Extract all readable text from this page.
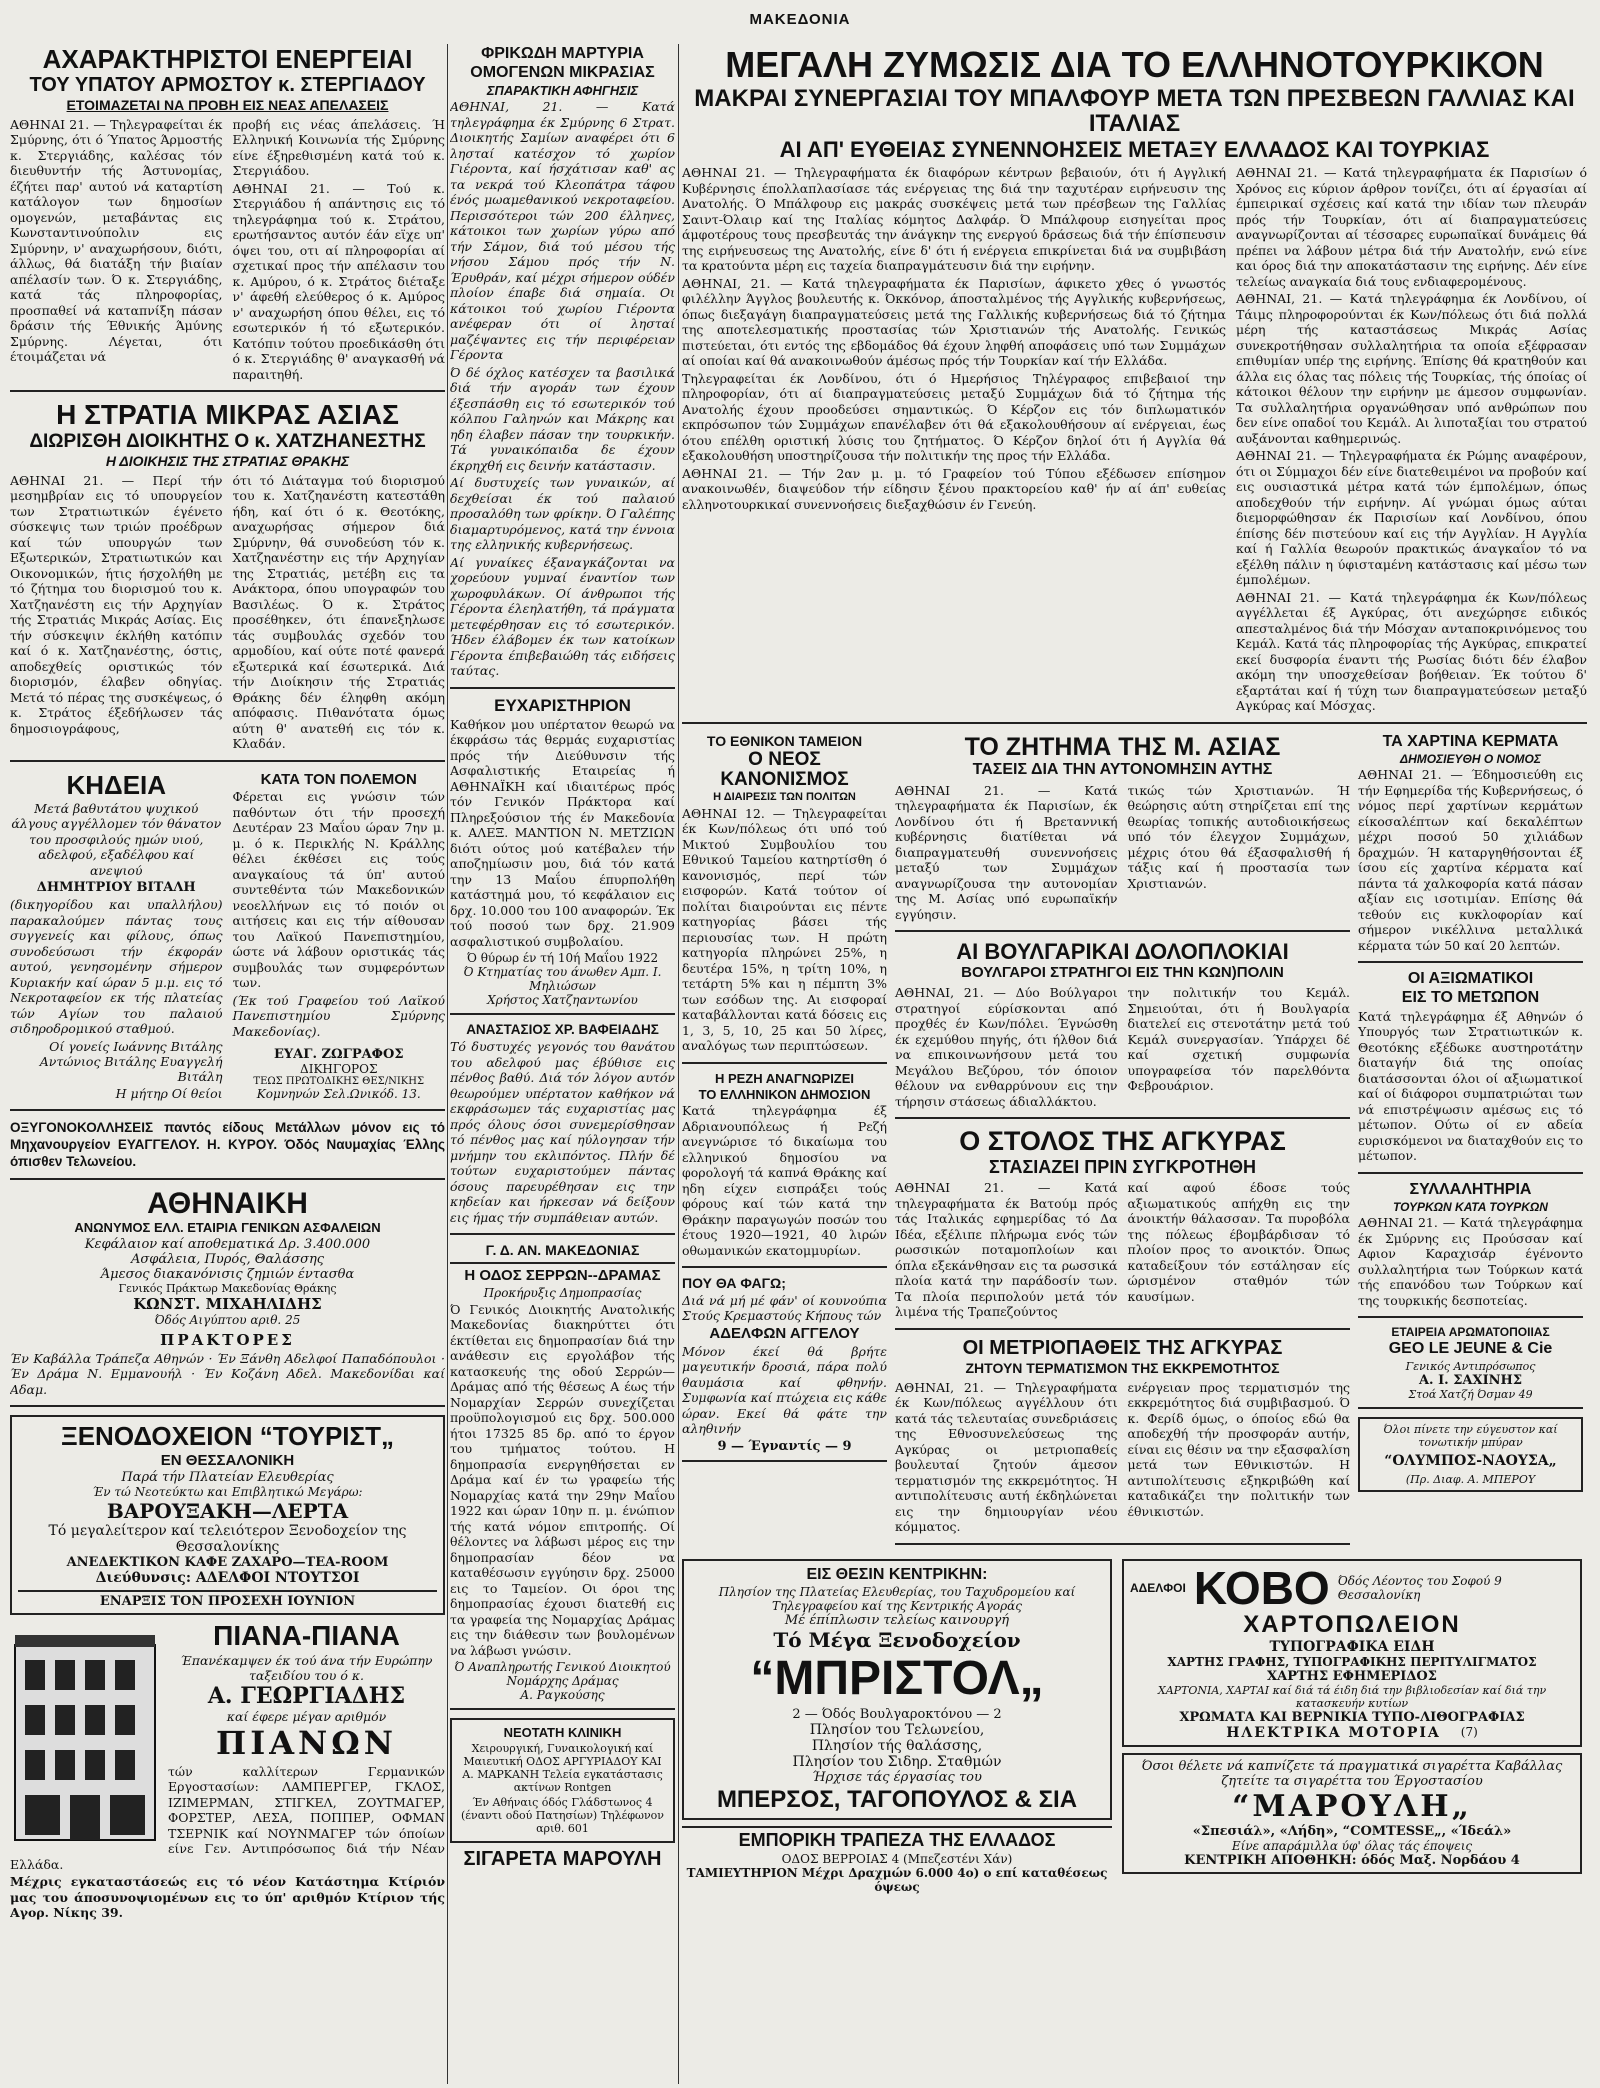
ΜΑΚΕΔΟΝΙΑ
ΑΧΑΡΑΚΤΗΡΙΣΤΟΙ ΕΝΕΡΓΕΙΑΙ
ΤΟΥ ΥΠΑΤΟΥ ΑΡΜΟΣΤΟΥ κ. ΣΤΕΡΓΙΑΔΟΥ
ΕΤΟΙΜΑΖΕΤΑΙ ΝΑ ΠΡΟΒΗ ΕΙΣ ΝΕΑΣ ΑΠΕΛΑΣΕΙΣ

ΑΘΗΝΑΙ 21. — Τηλεγραφείται έκ Σμύρνης, ότι ό Ύπατος Άρμοστής κ. Στεργιάδης, καλέσας τόν διευθυντήν τής Άστυνομίας, έζήτει παρ' αυτού νά καταρτίση κατάλογον των δημοσίων ομογενών, μεταβάντας εις Κωνσταντινούπολιν εις Σμύρνην, ν' αναχωρήσουν, διότι, άλλως, θά διατάξη τήν βιαίαν απέλασίν των. Ό κ. Στεργιάδης, κατά τάς πληροφορίας, προσπαθεί νά καταπνίξη πάσαν δράσιν τής Έθνικής Άμύνης Σμύρνης. Λέγεται, ότι έτοιμάζεται νά

προβή εις νέας άπελάσεις. Ή Ελληνική Κοινωνία τής Σμύρνης είνε έξηρεθισμένη κατά τού κ. Στεργιάδου.

ΑΘΗΝΑΙ 21. — Τού κ. Στεργιάδου ή απάντησις εις τό τηλεγράφημα τού κ. Στράτου, ερωτήσαντος αυτόν έάν εϊχε υπ' όψει του, οτι αί πληροφορίαι αί σχετικαί προς τήν απέλασιν του κ. Αμύρου, ό κ. Στράτος διέταξε ν' άφεθή ελεύθερος ό κ. Αμύρος ν' αναχωρήση όπου θέλει, εις τό εσωτερικόν ή τό εξωτερικόν. Κατόπιν τούτου προεδικάσθη ότι ό κ. Στεργιάδης θ' αναγκασθή νά παραιτηθή.

Η ΣΤΡΑΤΙΑ ΜΙΚΡΑΣ ΑΣΙΑΣ
ΔΙΩΡΙΣΘΗ ΔΙΟΙΚΗΤΗΣ Ο κ. ΧΑΤΖΗΑΝΕΣΤΗΣ
Η ΔΙΟΙΚΗΣΙΣ ΤΗΣ ΣΤΡΑΤΙΑΣ ΘΡΑΚΗΣ

ΑΘΗΝΑΙ 21. — Περί τήν μεσημβρίαν εις τό υπουργείον των Στρατιωτικών έγένετο σύσκεψις των τριών προέδρων καί τών υπουργών των Εξωτερικών, Στρατιωτικών και Οικονομικών, ήτις ήσχολήθη με τό ζήτημα του διορισμού του κ. Χατζηανέστη εις τήν Αρχηγίαν τής Στρατιάς Μικράς Ασίας. Εις τήν σύσκεψιν έκλήθη κατόπιν καί ό κ. Χατζηανέστης, όστις, αποδεχθείς οριστικώς τόν διορισμόν, έλαβεν οδηγίας. Μετά τό πέρας της συσκέψεως, ό κ. Στράτος έξεδήλωσεν τάς δημοσιογράφους,

ότι τό Διάταγμα τού διορισμού του κ. Χατζηανέστη κατεστάθη ήδη, καί ότι ό κ. Θεοτόκης, αναχωρήσας σήμερον διά Σμύρνην, θά συνοδεύση τόν κ. Χατζηανέστην εις τήν Αρχηγίαν της Στρατιάς, μετέβη εις τα Ανάκτορα, όπου υπογραφών του Βασιλέως. Ό κ. Στράτος προσέθηκεν, ότι έπανεξηλωσε τάς συμβουλάς σχεδόν του αρμοδίου, καί ούτε ποτέ φανερά εξωτερικά καί έσωτερικά. Διά τήν Διοίκησιν τής Στρατιάς Θράκης δέν έληφθη ακόμη απόφασις. Πιθανότατα όμως αύτη θ' ανατεθή εις τόν κ. Κλαδάν.

ΚΗΔΕΙΑ

Μετά βαθυτάτου ψυχικού άλγους αγγέλλομεν τόν θάνατον του προσφιλούς ημών υιού, αδελφού, εξαδέλφου καί ανεψιού

ΔΗΜΗΤΡΙΟΥ ΒΙΤΑΛΗ

(δικηγορίδου και υπαλλήλου) παρακαλούμεν πάντας τους συγγενείς και φίλους, όπως συνοδεύσωσι τήν έκφοράν αυτού, γενησομένην σήμερον Κυριακήν καί ώραν 5 μ.μ. εις τό Νεκροταφείον εκ τής πλατείας τών Αγίων του παλαιού σιδηροδρομικού σταθμού.

Οί γονείς Ιωάννης Βιτάλης Αντώνιος Βιτάλης Ευαγγελή Βιτάλη
Η μήτηρ Οί θείοι
ΚΑΤΑ ΤΟΝ ΠΟΛΕΜΟΝ

Φέρεται εις γνώσιν τών παθόντων ότι τήν προσεχή Δευτέραν 23 Μαΐου ώραν 7ην μ. μ. ό κ. Περικλής Ν. Κράλλης θέλει έκθέσει εις τούς αναγκαίους τά ύπ' αυτού συντεθέντα τών Μακεδονικών νεοελλήνων εις τό ποιόν οι αιτήσεις και εις τήν αίθουσαν του Λαϊκού Πανεπιστημίου, ώστε νά λάβουν οριστικάς τάς συμβουλάς των συμφερόντων των.

(Έκ τού Γραφείου τού Λαϊκού Πανεπιστημίου Σμύρνης Μακεδονίας).

ΕΥΑΓ. ΖΩΓΡΑΦΟΣ
ΔΙΚΗΓΟΡΟΣ
ΤΕΩΣ ΠΡΩΤΟΔΙΚΗΣ ΘΕΣ/ΝΙΚΗΣ
Κομνηνών Σελ.Ωνικόδ. 13.

ΟΞΥΓΟΝΟΚΟΛΛΗΣΕΙΣ παντός είδους Μετάλλων μόνον εις τό Μηχανουργείον ΕΥΑΓΓΕΛΟΥ. Η. ΚΥΡΟΥ. Όδός Ναυμαχίας Έλλης όπισθεν Τελωνείου.

ΑΘΗΝΑΙΚΗ
ΑΝΩΝΥΜΟΣ ΕΛΛ. ΕΤΑΙΡΙΑ ΓΕΝΙΚΩΝ ΑΣΦΑΛΕΙΩΝ
Κεφάλαιον καί αποθεματικά Δρ. 3.400.000
Ασφάλεια, Πυρός, Θαλάσσης
Άμεσος διακανόνισις ζημιών έντασθα
Γενικός Πράκτωρ Μακεδονίας Θράκης
ΚΩΝΣΤ. ΜΙΧΑΗΛΙΔΗΣ
Όδός Αιγύπτου αριθ. 25
ΠΡΑΚΤΟΡΕΣ

Έν Καβάλλα Τράπεζα Αθηνών · Έν Ξάνθη Αδελφοί Παπαδόπουλοι · Έν Δράμα Ν. Εμμανουήλ · Έν Κοζάνη Αδελ. Μακεδονίδαι καί Αδαμ.

ΞΕΝΟΔΟΧΕΙΟΝ “ΤΟΥΡΙΣΤ„
ΕΝ ΘΕΣΣΑΛΟΝΙΚΗ
Παρά τήν Πλατείαν Ελευθερίας
Έν τώ Νεοτεύκτω και Επιβλητικώ Μεγάρω:
ΒΑΡΟΥΞΑΚΗ—ΛΕΡΤΑ
Τό μεγαλείτερον καί τελειότερον Ξενοδοχείον της Θεσσαλονίκης
ΑΝΕΔΕΚΤΙΚΟΝ ΚΑΦΕ ΖΑΧΑΡΟ—ΤΕΑ-ROOM
Διεύθυνσις: ΑΔΕΛΦΟΙ ΝΤΟΥΤΣΟΙ
ΕΝΑΡΞΙΣ ΤΟΝ ΠΡΟΣΕΧΗ ΙΟΥΝΙΟΝ
ΠΙΑΝΑ-ΠΙΑΝΑ
Έπανέκαμψεν έκ τού άνα τήν Ευρώπην ταξειδίου του ό κ.
Α. ΓΕΩΡΓΙΑΔΗΣ
καί έφερε μέγαν αριθμόν
ΠΙΑΝΩΝ

τών καλλίτερων Γερμανικών Εργοστασίων: ΛΑΜΠΕΡΓΕΡ, ΓΚΛΟΣ, ΙΖΙΜΕΡΜΑΝ, ΣΤΙΓΚΕΛ, ΖΟΥΤΜΑΓΕΡ, ΦΟΡΣΤΕΡ, ΛΕΣΑ, ΠΟΠΠΕΡ, ΟΦΜΑΝ ΤΣΕΡΝΙΚ καί ΝΟΥΝΜΑΓΕΡ τών όποίων είνε Γεν. Αντιπρόσωπος διά τήν Νέαν Ελλάδα.

Μέχρις εγκαταστάσεώς εις τό νέον Κατάστημα Κτίριόν μας του άποσυνοψιομένων εις το ύπ' αριθμόν Κτίριον τής Αγορ. Νίκης 39.

ΦΡΙΚΩΔΗ ΜΑΡΤΥΡΙΑ
ΟΜΟΓΕΝΩΝ ΜΙΚΡΑΣΙΑΣ
ΣΠΑΡΑΚΤΙΚΗ ΑΦΗΓΗΣΙΣ

ΑΘΗΝΑΙ, 21. — Κατά τηλεγράφημα έκ Σμύρνης 6 Στρατ. Διοικητής Σαμίων αναφέρει ότι 6 λησταί κατέσχον τό χωρίον Γιέροντα, καί ήσχάτισαν καθ' ας τα νεκρά τού Κλεοπάτρα τάφου ένός μωαμεθανικού νεκροταφείου. Περισσότεροι τών 200 έλληνες, κάτοικοι των χωρίων γύρω από τήν Σάμον, διά τού μέσου τής νήσου Σάμου πρός τήν Ν. Έρυθράν, καί μέχρι σήμερον ούδέν πλοίον έπαβε διά σημαία. Οι κάτοικοι τού χωρίου Γιέροντα ανέφεραν ότι οί λησταί μαζέψαντες εις τήν περιφέρειαν Γέροντα

Ό δέ όχλος κατέσχεν τα βασιλικά διά τήν αγοράν των έχουν έξεσπάσθη εις τό εσωτερικόν τού κόλπου Γαληνών και Μάκρης και ηδη έλαβεν πάσαν την τουρκικήν. Τά γυναικόπαιδα δε έχουν έκρηχθή εις δεινήν κατάστασιν.

Αί δυστυχείς των γυναικών, αί δεχθείσαι έκ τού παλαιού προσαλόθη των φρίκην. Ό Γαλέπης διαμαρτυρόμενος, κατά την έννοια της ελληνικής κυβερνήσεως.

Αί γυναίκες έξαναγκάζονται να χορεύουν γυμναί έναντίον των χωροφυλάκων. Οί άνθρωποι τής Γέροντα έλεηλατήθη, τά πράγματα μετεφέρθησαν εις τό εσωτερικόν. Ήδεν έλάβομεν έκ των κατοίκων Γέροντα έπιβεβαιώθη τάς ειδήσεις ταύτας.

ΕΥΧΑΡΙΣΤΗΡΙΟΝ

Καθήκον μου υπέρτατον θεωρώ να έκφράσω τάς θερμάς ευχαριστίας πρός τήν Διεύθυνσιν τής Ασφαλιστικής Εταιρείας ή ΑΘΗΝΑΪΚΗ καί ιδιαιτέρως πρός τόν Γενικόν Πράκτορα καί Πληρεξούσιον τής έν Μακεδονία κ. ΑΛΕΞ. ΜΑΝΤΙΟΝ Ν. ΜΕΤΖΙΩΝ διότι ούτος μού κατέβαλεν τήν αποζημίωσιν μου, διά τόν κατά την 13 Μαΐου έπυρπολήθη κατάστημά μου, τό κεφάλαιον εις δρχ. 10.000 του 100 αναφορών. Έκ τού ποσού των δρχ. 21.909 ασφαλιστικού συμβολαίου.

Ό θύρωρ έν τή 10ή Μαΐου 1922
Ό Κτηματίας του άνωθεν Αμπ. Ι. Μηλιώσων
Χρήστος Χατζηαντωνίου
ΑΝΑΣΤΑΣΙΟΣ ΧΡ. ΒΑΦΕΙΑΔΗΣ

Τό δυστυχές γεγονός του θανάτου του αδελφού μας έβύθισε εις πένθος βαθύ. Διά τόν λόγον αυτόν θεωρούμεν υπέρτατον καθήκον νά εκφράσωμεν τάς ευχαριστίας μας πρός όλους όσοι συνεμερίσθησαν τό πένθος μας καί ηύλογησαν τήν μνήμην του εκλιπόντος. Πλήν δέ τούτων ευχαριστούμεν πάντας όσους παρευρέθησαν εις την κηδείαν και ήρκεσαν νά δείξουν εις ήμας τήν συμπάθειαν αυτών.

Γ. Δ. ΑΝ. ΜΑΚΕΔΟΝΙΑΣ
Η ΟΔΟΣ ΣΕΡΡΩΝ--ΔΡΑΜΑΣ
Προκήρυξις Δημοπρασίας

Ό Γενικός Διοικητής Ανατολικής Μακεδονίας διακηρύττει ότι έκτίθεται εις δημοπρασίαν διά την ανάθεσιν εις εργολάβον τής κατασκευής της οδού Σερρών—Δράμας από τής θέσεως Α έως τήν Νομαρχίαν Σερρών συνεχίζεται προϋπολογισμού εις δρχ. 500.000 ήτοι 17325 85 δρ. από το έργον του τμήματος τούτου. Η δημοπρασία ενεργηθήσεται εν Δράμα καί έν τω γραφείω τής Νομαρχίας κατά την 29ην Μαΐου 1922 και ώραν 10ην π. μ. ένώπιον τής κατά νόμον επιτροπής. Οί θέλοντες να λάβωσι μέρος εις την δημοπρασίαν δέον να καταθέσωσιν εγγύησιν δρχ. 25000 εις το Ταμείον. Οι όροι της δημοπρασίας έχουσι διατεθή εις τα γραφεία της Νομαρχίας Δράμας εις την διάθεσιν των βουλομένων να λάβωσι γνώσιν.

Ό Αναπληρωτής Γενικού Διοικητού Νομάρχης Δράμας
Α. Ραγκούσης
ΝΕΟΤΑΤΗ ΚΛΙΝΙΚΗ

Χειρουργική, Γυναικολογική καί Μαιευτική ΟΔΟΣ ΑΡΓΥΡΙΑΔΟΥ ΚΑΙ Α. ΜΑΡΚΑΝΗ Τελεία εγκατάστασις ακτίνων Rontgen

Έν Αθήναις όδός Γλάδστωνος 4 (έναντι οδού Πατησίων) Τηλέφωνον αριθ. 601

ΣΙΓΑΡΕΤΑ ΜΑΡΟΥΛΗ
ΜΕΓΑΛΗ ΖΥΜΩΣΙΣ ΔΙΑ ΤΟ ΕΛΛΗΝΟΤΟΥΡΚΙΚΟΝ
ΜΑΚΡΑΙ ΣΥΝΕΡΓΑΣΙΑΙ ΤΟΥ ΜΠΑΛΦΟΥΡ ΜΕΤΑ ΤΩΝ ΠΡΕΣΒΕΩΝ ΓΑΛΛΙΑΣ ΚΑΙ ΙΤΑΛΙΑΣ
ΑΙ ΑΠ' ΕΥΘΕΙΑΣ ΣΥΝΕΝΝΟΗΣΕΙΣ ΜΕΤΑΞΥ ΕΛΛΑΔΟΣ ΚΑΙ ΤΟΥΡΚΙΑΣ

ΑΘΗΝΑΙ 21. — Τηλεγραφήματα έκ διαφόρων κέντρων βεβαιούν, ότι ή Αγγλική Κυβέρνησις έπολλαπλασίασε τάς ενέργειας της διά την ταχυτέραν ειρήνευσιν της Ανατολής. Ό Μπάλφουρ εις μακράς συσκέψεις μετά των πρέσβεων της Γαλλίας Σαιντ-Όλαιρ καί της Ιταλίας κόμητος Δαλφάρ. Ό Μπάλφουρ εισηγείται προς άμφοτέρους τους πρεσβευτάς την άνάγκην της ενεργού δράσεως διά τήν έπίσπευσιν της ειρήνευσεως της Ανατολής, είνε δ' ότι ή ενέργεια επικρίνεται διά να συμβιβάση τα κρατούντα μέρη εις ταχεία διαπραγμάτευσιν διά την ειρήνην.

ΑΘΗΝΑΙ, 21. — Κατά τηλεγραφήματα έκ Παρισίων, άφικετο χθες ό γνωστός φιλέλλην Άγγλος βουλευτής κ. Όκκόνορ, άποσταλμένος τής Αγγλικής κυβερνήσεως, όπως διεξαγάγη διαπραγματεύσεις μετά της Γαλλικής κυβερνήσεως διά τό ζήτημα της αποτελεσματικής προστασίας τών Χριστιανών τής Ανατολής. Γενικώς πιστεύεται, ότι εντός της εβδομάδος θά έχουν ληφθή αποφάσεις υπό των Συμμάχων αί οποίαι καί θά ανακοινωθούν άμέσως πρός τήν Τουρκίαν καί τήν Ελλάδα.

Τηλεγραφείται έκ Λονδίνου, ότι ό Ημερήσιος Τηλέγραφος επιβεβαιοί την πληροφορίαν, ότι αί διαπραγματεύσεις μεταξύ Συμμάχων διά τό ζήτημα τής Ανατολής έχουν προοδεύσει σημαντικώς. Ό Κέρζον εις τόν διπλωματικόν εκπρόσωπον τών Συμμάχων επανέλαβεν ότι θά εξακολουθήσουν αί ενέργειαι, έως ότου επέλθη οριστική λύσις του ζητήματος. Ό Κέρζον δηλοί ότι ή Αγγλία θά εξακολουθήση υποστηρίζουσα τήν πολιτικήν της προς τήν Ελλάδα.

ΑΘΗΝΑΙ 21. — Τήν 2αν μ. μ. τό Γραφείον τού Τύπου εξέδωσεν επίσημον ανακοινωθέν, διαψεύδον τήν είδησιν ξένου πρακτορείου καθ' ήν αί άπ' ευθείας ελληνοτουρκικαί συνεννοήσεις διεξαχθώσιν έν Γενεύη.

ΑΘΗΝΑΙ 21. — Κατά τηλεγραφήματα έκ Παρισίων ό Χρόνος εις κύριον άρθρον τονίζει, ότι αί έργασίαι αί έμπειρικαί σχέσεις καί κατά την ιδίαν των πλευράν πρός τήν Τουρκίαν, ότι αί διαπραγματεύσεις αναγνωρίζονται αί τέσσαρες ευρωπαϊκαί δυνάμεις θά πρέπει να λάβουν μέτρα διά τήν Ανατολήν, ενώ είνε και όρος διά την αποκατάστασιν της ειρήνης. Δέν είνε τελείως αναγκαία διά τους ενδιαφερομένους.

ΑΘΗΝΑΙ, 21. — Κατά τηλεγράφημα έκ Λονδίνου, οί Τάιμς πληροφορούνται έκ Κων/πόλεως ότι διά πολλά μέρη τής καταστάσεως Μικράς Ασίας συνεκροτήθησαν συλλαλητήρια τα οποία εξέφρασαν επιθυμίαν υπέρ της ειρήνης. Έπίσης θά κρατηθούν και άλλα εις όλας τας πόλεις τής Τουρκίας, τής όποίας οί κάτοικοι θέλουν την ειρήνην με άμεσον συμφωνίαν. Τα συλλαλητήρια οργανώθησαν υπό ανθρώπων που δεν είνε οπαδοί του Κεμάλ. Αι λιποταξίαι του στρατού αυξάνονται καθημερινώς.

ΑΘΗΝΑΙ 21. — Τηλεγραφήματα έκ Ρώμης αναφέρουν, ότι οι Σύμμαχοι δέν είνε διατεθειμένοι να προβούν καί εις ουσιαστικά μέτρα κατά τών έμπολέμων, όπως αποδεχθούν τήν ειρήνην. Αί γνώμαι όμως αύται διεμορφώθησαν έκ Παρισίων καί Λονδίνου, όπου έπίσης δέν πιστεύουν καί εις τήν Αγγλίαν. Η Αγγλία καί ή Γαλλία θεωρούν πρακτικώς άναγκαΐον τό να εξέλθη πάλιν η ύφισταμένη κατάστασις καί μέσω των έμπολέμων.

ΑΘΗΝΑΙ 21. — Κατά τηλεγράφημα έκ Κων/πόλεως αγγέλλεται έξ Αγκύρας, ότι ανεχώρησε ειδικός απεσταλμένος διά τήν Μόσχαν ανταποκρινόμενος του Κεμάλ. Κατά τάς πληροφορίας τής Αγκύρας, επικρατεί εκεί δυσφορία έναντι τής Ρωσίας διότι δέν έλαβον ακόμη την υποσχεθείσαν βοήθειαν. Έκ τούτου δ' εξαρτάται καί ή τύχη των διαπραγματεύσεων μεταξύ Αγκύρας καί Μόσχας.

ΤΟ ΕΘΝΙΚΟΝ ΤΑΜΕΙΟΝ
Ο ΝΕΟΣ ΚΑΝΟΝΙΣΜΟΣ
Η ΔΙΑΙΡΕΣΙΣ ΤΩΝ ΠΟΛΙΤΩΝ

ΑΘΗΝΑΙ 12. — Τηλεγραφείται έκ Κων/πόλεως ότι υπό τού Μικτού Συμβουλίου του Εθνικού Ταμείου κατηρτίσθη ό κανονισμός, περί τών εισφορών. Κατά τούτον οί πολίται διαιρούνται εις πέντε κατηγορίας βάσει τής περιουσίας των. Η πρώτη κατηγορία πληρώνει 25%, η δευτέρα 15%, η τρίτη 10%, η τετάρτη 5% και η πέμπτη 3% των εσόδων της. Αι εισφοραί καταβάλλονται κατά δόσεις εις 1, 3, 5, 10, 25 και 50 λίρες, αναλόγως των περιπτώσεων.

Η ΡΕΖΗ ΑΝΑΓΝΩΡΙΖΕΙ
ΤΟ ΕΛΛΗΝΙΚΟΝ ΔΗΜΟΣΙΟΝ

Κατά τηλεγράφημα έξ Αδριανουπόλεως ή Ρεζή ανεγνώρισε τό δικαίωμα του ελληνικού δημοσίου να φορολογή τά καπνά Θράκης καί ηδη είχεν εισπράξει τούς φόρους καί τών κατά την Θράκην παραγωγών ποσών του έτους 1920—1921, 40 λιρών οθωμανικών εκατομμυρίων.

ΠΟΥ ΘΑ ΦΑΓΩ;

Διά νά μή μέ φάν' οί κουνούπια Στούς Κρεμαστούς Κήπους τών

ΑΔΕΛΦΩΝ ΑΓΓΕΛΟΥ

Μόνον έκεί θά βρήτε μαγευτικήν δροσιά, πάρα πολύ θαυμάσια καί φθηνήν. Συμφωνία καί πτώχεια εις κάθε ώραν. Εκεί θά φάτε την αληθινήν

9 — Έγναντίς — 9
ΤΟ ΖΗΤΗΜΑ ΤΗΣ Μ. ΑΣΙΑΣ
ΤΑΣΕΙΣ ΔΙΑ ΤΗΝ ΑΥΤΟΝΟΜΗΣΙΝ ΑΥΤΗΣ

ΑΘΗΝΑΙ 21. — Κατά τηλεγραφήματα έκ Παρισίων, έκ Λονδίνου ότι ή Βρεταννική κυβέρνησις διατίθεται νά διαπραγματευθή συνεννοήσεις μεταξύ των Συμμάχων αναγνωρίζουσα την αυτονομίαν της Μ. Ασίας υπό ευρωπαϊκήν εγγύησιν.

τικώς τών Χριστιανών. Ή θεώρησις αύτη στηρίζεται επί της θεωρίας τοπικής αυτοδιοικήσεως υπό τόν έλεγχον Συμμάχων, μέχρις ότου θά έξασφαλισθή ή τάξις καί ή προστασία των Χριστιανών.

ΑΙ ΒΟΥΛΓΑΡΙΚΑΙ ΔΟΛΟΠΛΟΚΙΑΙ
ΒΟΥΛΓΑΡΟΙ ΣΤΡΑΤΗΓΟΙ ΕΙΣ ΤΗΝ ΚΩΝ)ΠΟΛΙΝ

ΑΘΗΝΑΙ, 21. — Δύο Βούλγαροι στρατηγοί εύρίσκονται από προχθές έν Κων/πόλει. Έγνώσθη έκ εχεμύθου πηγής, ότι ήλθον διά να επικοινωνήσουν μετά του Μεγάλου Βεζύρου, τόν όποιον θέλουν να ενθαρρύνουν εις την τήρησιν στάσεως άδιαλλάκτου.

την πολιτικήν του Κεμάλ. Σημειούται, ότι ή Βουλγαρία διατελεί εις στενοτάτην μετά τού Κεμάλ συνεργασίαν. Ύπάρχει δέ καί σχετική συμφωνία υπογραφείσα τόν παρελθόντα Φεβρουάριον.

Ο ΣΤΟΛΟΣ ΤΗΣ ΑΓΚΥΡΑΣ
ΣΤΑΣΙΑΖΕΙ ΠΡΙΝ ΣΥΓΚΡΟΤΗΘΗ

ΑΘΗΝΑΙ 21. — Κατά τηλεγραφήματα έκ Βατούμ πρός τάς Ιταλικάς εφημερίδας τό Δα Ιδέα, εξέλιπε πλήρωμα ενός τών ρωσσικών ποταμοπλοίων και όπλα εξεκάνθησαν εις τα ρωσσικά πλοία κατά την παράδοσίν των. Τα πλοία περιπολούν μετά τόν λιμένα τής Τραπεζούντος

καί αφού έδοσε τούς αξιωματικούς απήχθη εις την άνοικτήν θάλασσαν. Τα πυροβόλα της πόλεως έβομβάρδισαν τό πλοίον προς το ανοικτόν. Όπως καταδείξουν τόν εστάλησαν είς ώρισμένον σταθμόν τών καυσίμων.

ΟΙ ΜΕΤΡΙΟΠΑΘΕΙΣ ΤΗΣ ΑΓΚΥΡΑΣ
ΖΗΤΟΥΝ ΤΕΡΜΑΤΙΣΜΟΝ ΤΗΣ ΕΚΚΡΕΜΟΤΗΤΟΣ

ΑΘΗΝΑΙ, 21. — Τηλεγραφήματα έκ Κων/πόλεως αγγέλλουν ότι κατά τάς τελευταίας συνεδριάσεις της Εθνοσυνελεύσεως της Αγκύρας οι μετριοπαθείς βουλευταί ζητούν άμεσον τερματισμόν της εκκρεμότητος. Ή αντιπολίτευσις αυτή έκδηλώνεται εις την δημιουργίαν νέου κόμματος.

ενέργειαν προς τερματισμόν της εκκρεμότητος διά συμβιβασμού. Ό κ. Φερίδ όμως, ο όποίος εδώ θα αποδεχθή τήν προσφοράν αυτήν, είναι εις θέσιν να την εξασφαλίση μετά των Εθνικιστών. Η αντιπολίτευσις εξηκριβώθη καί καταδικάζει την πολιτικήν των έθνικιστών.

ΤΑ ΧΑΡΤΙΝΑ ΚΕΡΜΑΤΑ
ΔΗΜΟΣΙΕΥΘΗ Ο ΝΟΜΟΣ

ΑΘΗΝΑΙ 21. — Έδημοσιεύθη εις τήν Εφημερίδα τής Κυβερνήσεως, ό νόμος περί χαρτίνων κερμάτων είκοσαλέπτων καί δεκαλέπτων μέχρι ποσού 50 χιλιάδων δραχμών. Ή καταργηθήσονται έξ ίσου είς χαρτίνα κέρματα καί πάντα τά χαλκοφορία κατά πάσαν αξίαν εις ισοτιμίαν. Επίσης θά τεθούν εις κυκλοφορίαν καί σήμερον νικέλλινα μεταλλικά κέρματα τών 50 καί 20 λεπτών.

ΟΙ ΑΞΙΩΜΑΤΙΚΟΙ
ΕΙΣ ΤΟ ΜΕΤΩΠΟΝ

Κατά τηλεγράφημα έξ Αθηνών ό Υπουργός των Στρατιωτικών κ. Θεοτόκης εξέδωκε αυστηροτάτην διαταγήν διά της οποίας διατάσσονται όλοι οί αξιωματικοί καί οί διάφοροι συμπατριώται των νά επιστρέψωσιν αμέσως εις τό μέτωπον. Ούτω οί εν αδεία ευρισκόμενοι να διαταχθούν εις το μέτωπον.

ΣΥΛΛΑΛΗΤΗΡΙΑ
ΤΟΥΡΚΩΝ ΚΑΤΑ ΤΟΥΡΚΩΝ

ΑΘΗΝΑΙ 21. — Κατά τηλεγράφημα έκ Σμύρνης εις Προύσσαν καί Αφιον Καραχισάρ έγένοντο συλλαλητήρια των Τούρκων κατά τής επανόδου των Τούρκων καί της τουρκικής δεσποτείας.

ΕΤΑΙΡΕΙΑ ΑΡΩΜΑΤΟΠΟΙΙΑΣ
GEO LE JEUNE & Cie
Γενικός Αντιπρόσωπος
Α. Ι. ΣΑΧΙΝΗΣ
Στοά Χατζή Όσμαν 49
Όλοι πίνετε την εύγευστον καί τονωτικήν μπύραν
“ΟΛΥΜΠΟΣ-ΝΑΟΥΣΑ„
(Πρ. Διαφ. Α. ΜΠΕΡΟΥ
ΕΙΣ ΘΕΣΙΝ ΚΕΝΤΡΙΚΗΝ:
Πλησίον της Πλατείας Ελευθερίας, του Ταχυδρομείου καί Τηλεγραφείου καί της Κεντρικής Αγοράς
Μέ έπίπλωσιν τελείως καινουργή
Τό Μέγα Ξενοδοχείον
“ΜΠΡΙΣΤΟΛ„
2 — Όδός Βουλγαροκτόνου — 2
Πλησίον του Τελωνείου,
Πλησίον τής θαλάσσης,
Πλησίον του Σιδηρ. Σταθμών
Ήρχισε τάς έργασίας του
ΜΠΕΡΣΟΣ, ΤΑΓΟΠΟΥΛΟΣ & ΣΙΑ
ΕΜΠΟΡΙΚΗ ΤΡΑΠΕΖΑ ΤΗΣ ΕΛΛΑΔΟΣ
ΟΔΟΣ ΒΕΡΡΟΙΑΣ 4 (Μπεζεστένι Χάν)
ΤΑΜΙΕΥΤΗΡΙΟΝ Μέχρι Δραχμών 6.000 4ο) ο επί καταθέσεως όψεως
ΑΔΕΛΦΟΙ ΚΟΒΟ Όδός Λέοντος του Σοφού 9 Θεσσαλονίκη
ΧΑΡΤΟΠΩΛΕΙΟΝ
ΤΥΠΟΓΡΑΦΙΚΑ ΕΙΔΗ
ΧΑΡΤΗΣ ΓΡΑΦΗΣ, ΤΥΠΟΓΡΑΦΙΚΗΣ ΠΕΡΙΤΥΛΙΓΜΑΤΟΣ
ΧΑΡΤΗΣ ΕΦΗΜΕΡΙΔΟΣ
ΧΑΡΤΟΝΙΑ, ΧΑΡΤΑΙ καί διά τά έιδη διά την βιβλιοδεσίαν καί διά την κατασκευήν κυτίων
ΧΡΩΜΑΤΑ ΚΑΙ ΒΕΡΝΙΚΙΑ ΤΥΠΟ-ΛΙΘΟΓΡΑΦΙΑΣ
ΗΛΕΚΤΡΙΚΑ ΜΟΤΟΡΙΑ (7)
Όσοι θέλετε νά καπνίζετε τά πραγματικά σιγαρέττα Καβάλλας ζητείτε τα σιγαρέττα του Έργοστασίου
“ΜΑΡΟΥΛΗ„
«Σπεσιάλ», «Λήδη», “COMTESSE„, «Ίδεάλ»
Είνε απαράμιλλα ύφ' όλας τάς έποψεις
ΚΕΝΤΡΙΚΗ ΑΠΟΘΗΚΗ: όδός Μαξ. Νορδάου 4
